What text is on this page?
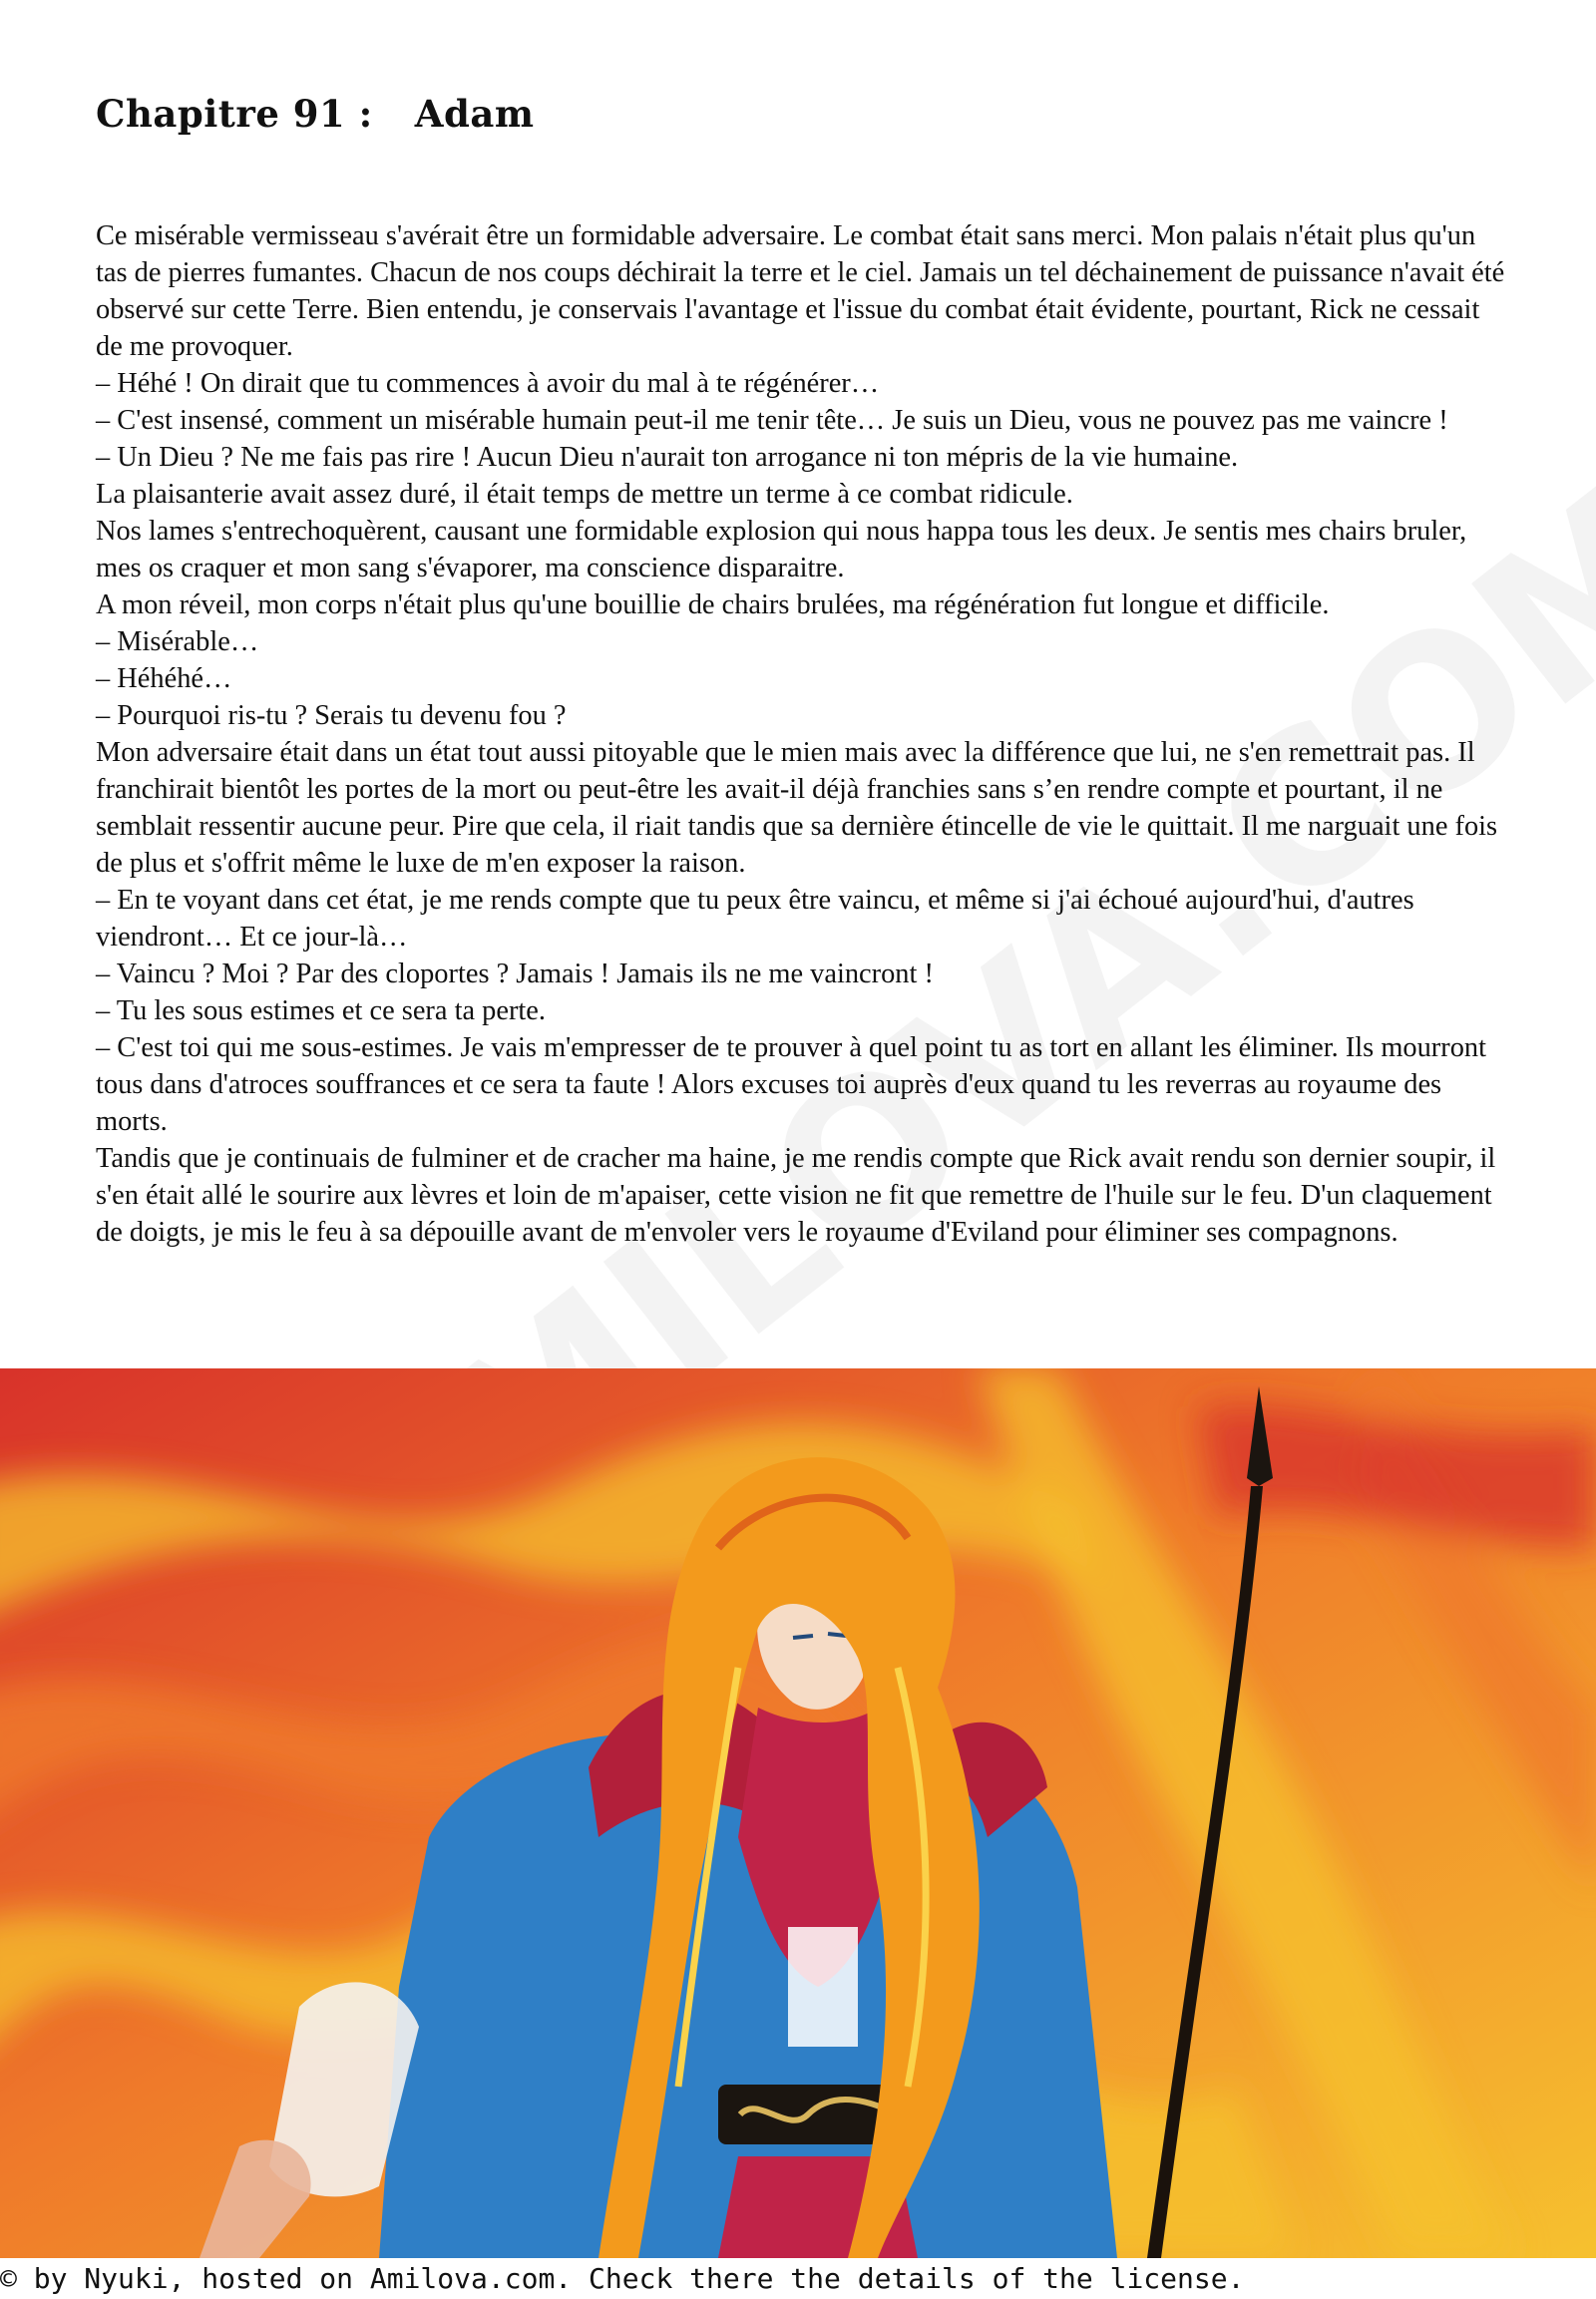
Chapitre 91 : Adam

Ce misérable vermisseau s'avérait être un formidable adversaire. Le combat était sans merci. Mon palais n'était plus qu'un tas de pierres fumantes. Chacun de nos coups déchirait la terre et le ciel. Jamais un tel déchainement de puissance n'avait été observé sur cette Terre. Bien entendu, je conservais l'avantage et l'issue du combat était évidente, pourtant, Rick ne cessait de me provoquer.

– Héhé ! On dirait que tu commences à avoir du mal à te régénérer…

– C'est insensé, comment un misérable humain peut-il me tenir tête… Je suis un Dieu, vous ne pouvez pas me vaincre !

– Un Dieu ? Ne me fais pas rire ! Aucun Dieu n'aurait ton arrogance ni ton mépris de la vie humaine.

La plaisanterie avait assez duré, il était temps de mettre un terme à ce combat ridicule.

Nos lames s'entrechoquèrent, causant une formidable explosion qui nous happa tous les deux. Je sentis mes chairs bruler, mes os craquer et mon sang s'évaporer, ma conscience disparaitre.

A mon réveil, mon corps n'était plus qu'une bouillie de chairs brulées, ma régénération fut longue et difficile.

– Misérable…

– Héhéhé…

– Pourquoi ris-tu ? Serais tu devenu fou ?

Mon adversaire était dans un état tout aussi pitoyable que le mien mais avec la différence que lui, ne s'en remettrait pas. Il franchirait bientôt les portes de la mort ou peut-être les avait-il déjà franchies sans s’en rendre compte et pourtant, il ne semblait ressentir aucune peur. Pire que cela, il riait tandis que sa dernière étincelle de vie le quittait. Il me narguait une fois de plus et s'offrit même le luxe de m'en exposer la raison.

– En te voyant dans cet état, je me rends compte que tu peux être vaincu, et même si j'ai échoué aujourd'hui, d'autres viendront… Et ce jour-là…

– Vaincu ? Moi ? Par des cloportes ? Jamais ! Jamais ils ne me vaincront !

– Tu les sous estimes et ce sera ta perte.

– C'est toi qui me sous-estimes. Je vais m'empresser de te prouver à quel point tu as tort en allant les éliminer. Ils mourront tous dans d'atroces souffrances et ce sera ta faute ! Alors excuses toi auprès d'eux quand tu les reverras au royaume des morts.

Tandis que je continuais de fulminer et de cracher ma haine, je me rendis compte que Rick avait rendu son dernier soupir, il s'en était allé le sourire aux lèvres et loin de m'apaiser, cette vision ne fit que remettre de l'huile sur le feu. D'un claquement de doigts, je mis le feu à sa dépouille avant de m'envoler vers le royaume d'Eviland pour éliminer ses compagnons.

© by Nyuki, hosted on Amilova.com. Check there the details of the license.
